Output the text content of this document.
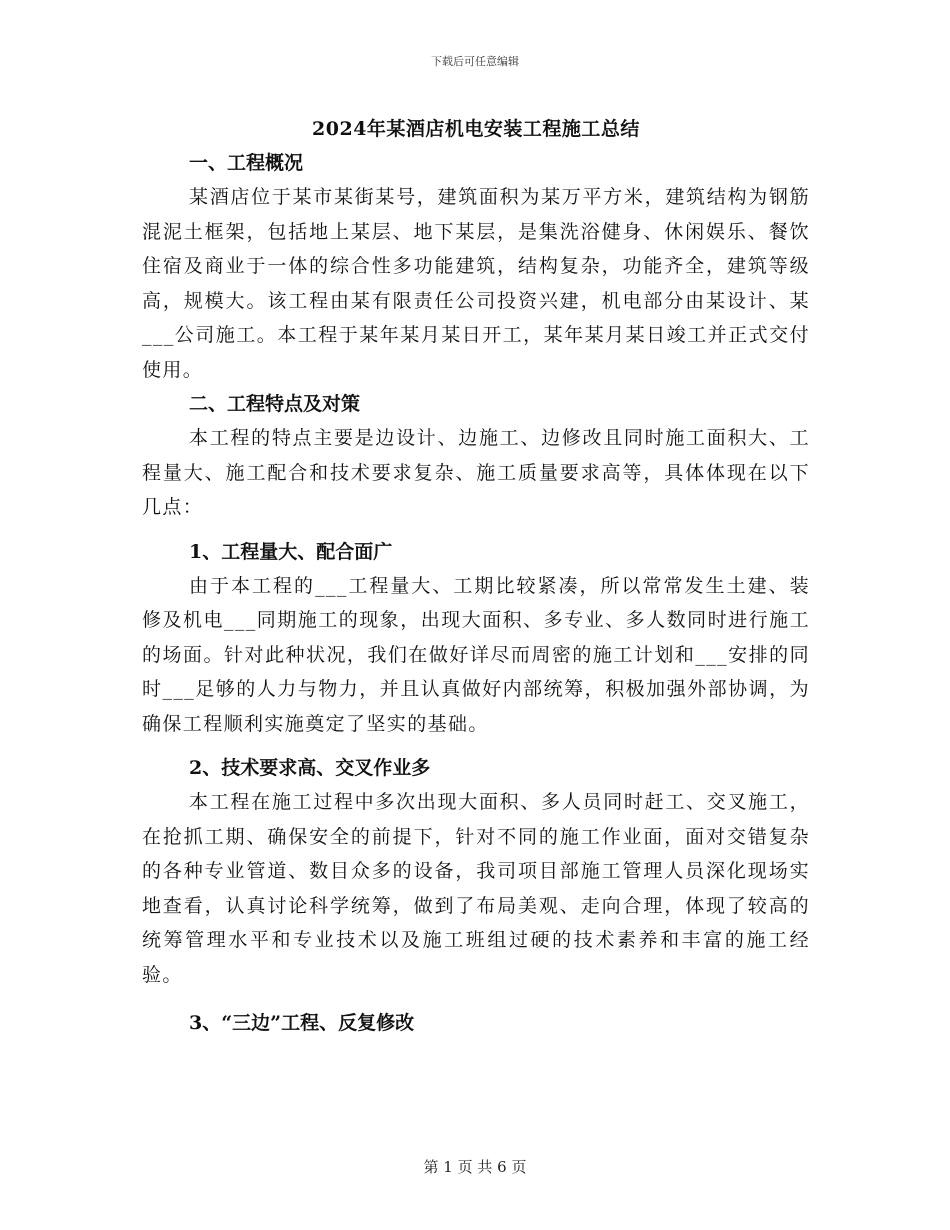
下载后可任意编辑
2024年某酒店机电安装工程施工总结
一、工程概况

某酒店位于某市某街某号，建筑面积为某万平方米，建筑结构为钢筋混泥土框架，包括地上某层、地下某层，是集洗浴健身、休闲娱乐、餐饮住宿及商业于一体的综合性多功能建筑，结构复杂，功能齐全，建筑等级高，规模大。该工程由某有限责任公司投资兴建，机电部分由某设计、某___公司施工。本工程于某年某月某日开工，某年某月某日竣工并正式交付使用。

二、工程特点及对策

本工程的特点主要是边设计、边施工、边修改且同时施工面积大、工程量大、施工配合和技术要求复杂、施工质量要求高等，具体体现在以下几点：

1、工程量大、配合面广

由于本工程的___工程量大、工期比较紧凑，所以常常发生土建、装修及机电___同期施工的现象，出现大面积、多专业、多人数同时进行施工的场面。针对此种状况，我们在做好详尽而周密的施工计划和___安排的同时___足够的人力与物力，并且认真做好内部统筹，积极加强外部协调，为确保工程顺利实施奠定了坚实的基础。

2、技术要求高、交叉作业多

本工程在施工过程中多次出现大面积、多人员同时赶工、交叉施工，在抢抓工期、确保安全的前提下，针对不同的施工作业面，面对交错复杂的各种专业管道、数目众多的设备，我司项目部施工管理人员深化现场实地查看，认真讨论科学统筹，做到了布局美观、走向合理，体现了较高的统筹管理水平和专业技术以及施工班组过硬的技术素养和丰富的施工经验。

3、“三边”工程、反复修改
第 1 页 共 6 页
